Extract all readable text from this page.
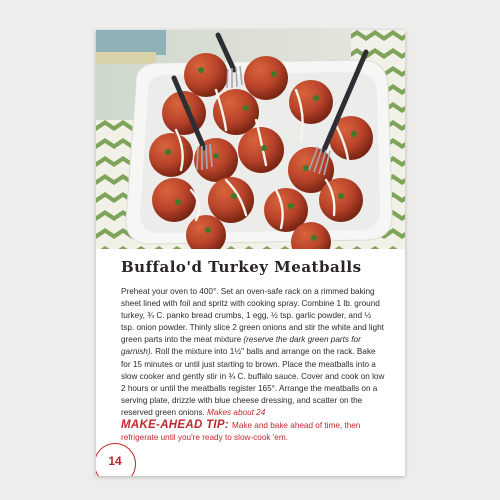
Buffalo'd Turkey Meatballs
Preheat your oven to 400°. Set an oven-safe rack on a rimmed baking sheet lined with foil and spritz with cooking spray. Combine 1 lb. ground turkey, ¾ C. panko bread crumbs, 1 egg, ½ tsp. garlic powder, and ½ tsp. onion powder. Thinly slice 2 green onions and stir the white and light green parts into the meat mixture (reserve the dark green parts for garnish). Roll the mixture into 1½" balls and arrange on the rack. Bake for 15 minutes or until just starting to brown. Place the meatballs into a slow cooker and gently stir in ¾ C. buffalo sauce. Cover and cook on low 2 hours or until the meatballs register 165°. Arrange the meatballs on a serving plate, drizzle with blue cheese dressing, and scatter on the reserved green onions. Makes about 24
MAKE-AHEAD TIP: Make and bake ahead of time, then refrigerate until you're ready to slow-cook 'em.
14
